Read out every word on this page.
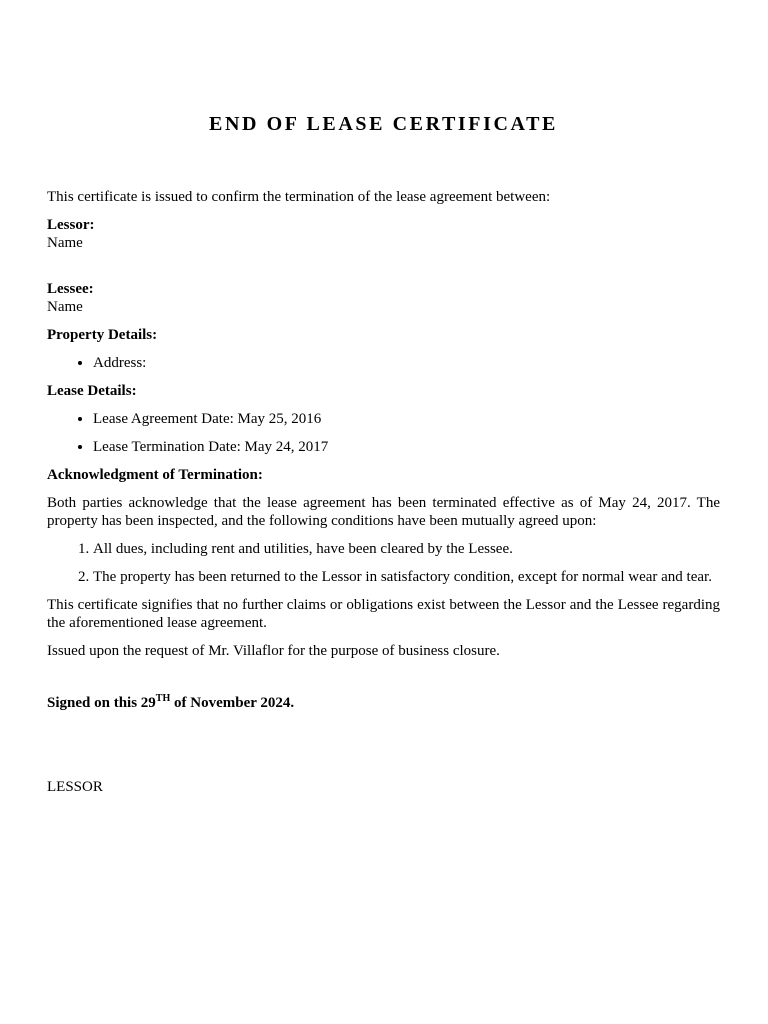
END OF LEASE CERTIFICATE

This certificate is issued to confirm the termination of the lease agreement between:

Lessor:
Name
Lessee:
Name

Property Details:

• Address:

Lease Details:

• Lease Agreement Date: May 25, 2016
• Lease Termination Date: May 24, 2017

Acknowledgment of Termination:

Both parties acknowledge that the lease agreement has been terminated effective as of May 24, 2017. The property has been inspected, and the following conditions have been mutually agreed upon:

1. All dues, including rent and utilities, have been cleared by the Lessee.
2. The property has been returned to the Lessor in satisfactory condition, except for normal wear and tear.

This certificate signifies that no further claims or obligations exist between the Lessor and the Lessee regarding the aforementioned lease agreement.

Issued upon the request of Mr. Villaflor for the purpose of business closure.

Signed on this 29TH of November 2024.

LESSOR
